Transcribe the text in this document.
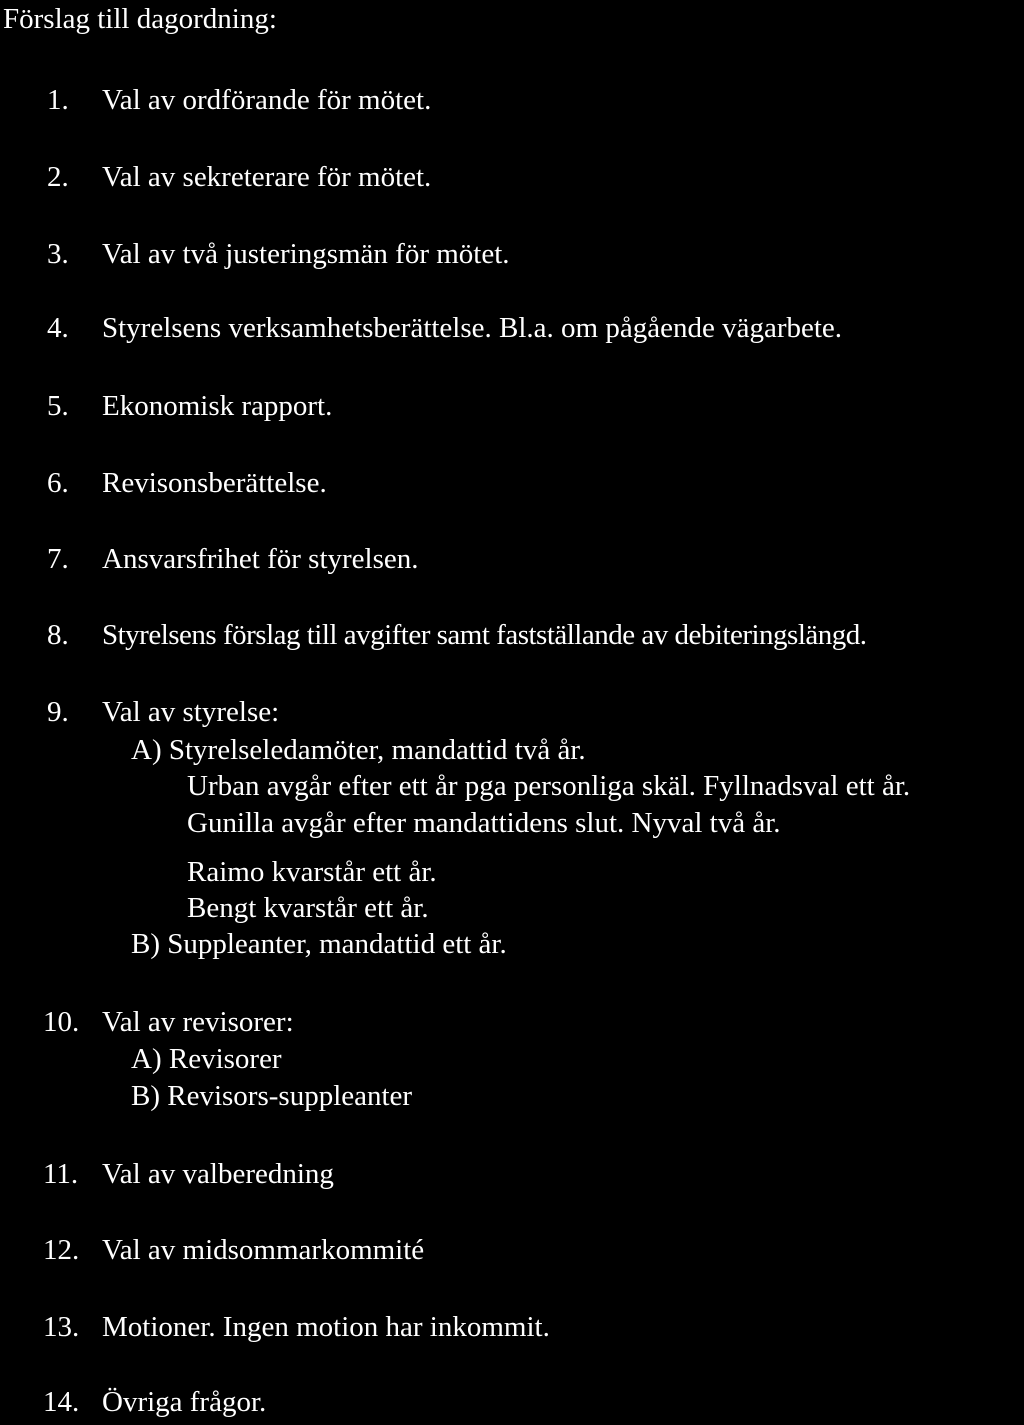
Förslag till dagordning:
1. Val av ordförande för mötet.
2. Val av sekreterare för mötet.
3. Val av två justeringsmän för mötet.
4. Styrelsens verksamhetsberättelse. Bl.a. om pågående vägarbete.
5. Ekonomisk rapport.
6. Revisonsberättelse.
7. Ansvarsfrihet för styrelsen.
8. Styrelsens förslag till avgifter samt fastställande av debiteringslängd.
9. Val av styrelse:
A) Styrelseledamöter, mandattid två år.
Urban avgår efter ett år pga personliga skäl. Fyllnadsval ett år.
Gunilla avgår efter mandattidens slut. Nyval två år.
Raimo kvarstår ett år.
Bengt kvarstår ett år.
B) Suppleanter, mandattid ett år.
10. Val av revisorer:
A) Revisorer
B) Revisors-suppleanter
11. Val av valberedning
12. Val av midsommarkommité
13. Motioner. Ingen motion har inkommit.
14. Övriga frågor.
